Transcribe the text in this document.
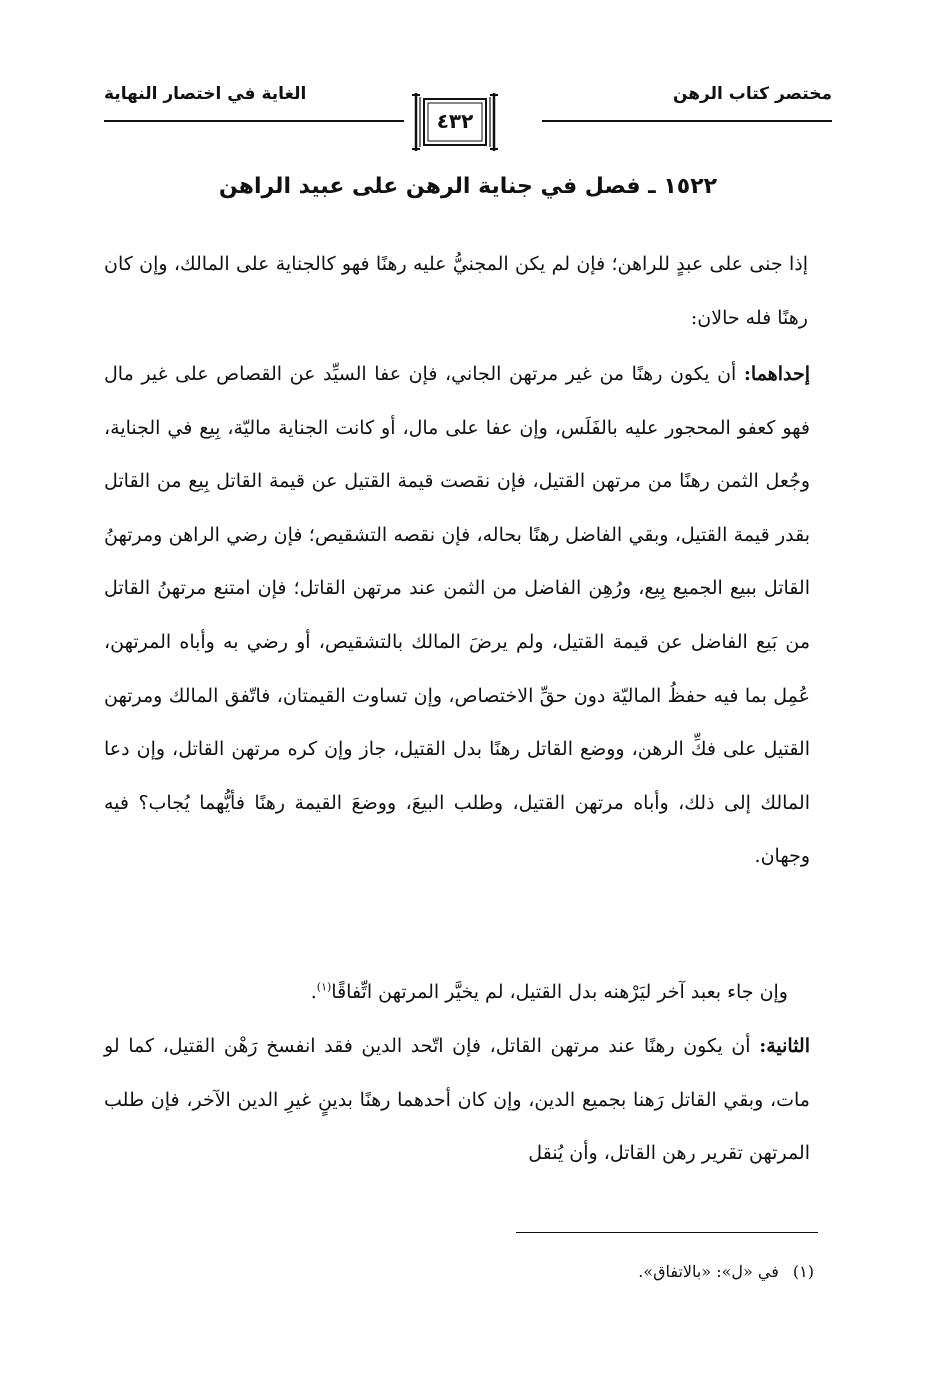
مختصر كتاب الرهن
الغاية في اختصار النهاية
٤٣٢
١٥٢٢ ـ فصل في جناية الرهن على عبيد الراهن
إذا جنى على عبدٍ للراهن؛ فإن لم يكن المجنيُّ عليه رهنًا فهو كالجناية على المالك، وإن كان رهنًا فله حالان:
إحداهما: أن يكون رهنًا من غير مرتهن الجاني، فإن عفا السيِّد عن القصاص على غير مال فهو كعفو المحجور عليه بالفَلَس، وإن عفا على مال، أو كانت الجناية ماليّة، بِيع في الجناية، وجُعل الثمن رهنًا من مرتهن القتيل، فإن نقصت قيمة القتيل عن قيمة القاتل بِيع من القاتل بقدر قيمة القتيل، وبقي الفاضل رهنًا بحاله، فإن نقصه التشقيص؛ فإن رضي الراهن ومرتهنُ القاتل ببيع الجميع بِيع، ورُهِن الفاضل من الثمن عند مرتهن القاتل؛ فإن امتنع مرتهنُ القاتل من بَيع الفاضل عن قيمة القتيل، ولم يرضَ المالك بالتشقيص، أو رضي به وأباه المرتهن، عُمِل بما فيه حفظُ الماليّة دون حقِّ الاختصاص، وإن تساوت القيمتان، فاتّفق المالك ومرتهن القتيل على فكِّ الرهن، ووضع القاتل رهنًا بدل القتيل، جاز وإن كره مرتهن القاتل، وإن دعا المالك إلى ذلك، وأباه مرتهن القتيل، وطلب البيعَ، ووضعَ القيمة رهنًا فأيُّهما يُجاب؟ فيه وجهان.
وإن جاء بعبد آخر ليَرْهنه بدل القتيل، لم يخيَّر المرتهن اتِّفاقًا$^{(١)}$.
الثانية: أن يكون رهنًا عند مرتهن القاتل، فإن اتّحد الدين فقد انفسخ رَهْن القتيل، كما لو مات، وبقي القاتل رَهنا بجميع الدين، وإن كان أحدهما رهنًا بدينٍ غيرِ الدين الآخر، فإن طلب المرتهن تقرير رهن القاتل، وأن يُنقل
(١)في «ل»: «بالاتفاق».
